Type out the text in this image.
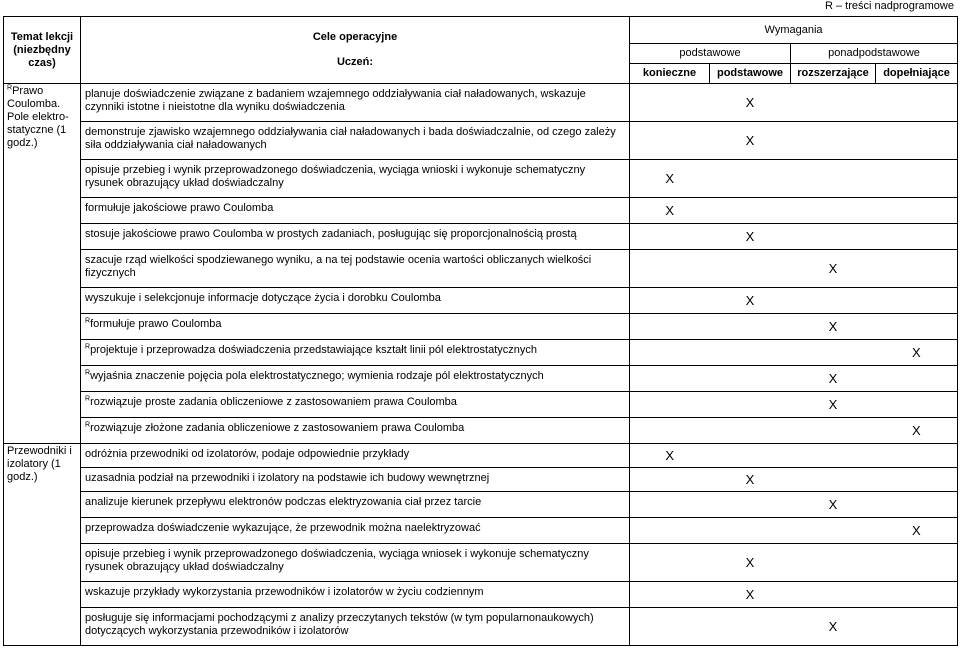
R – treści nadprogramowe
Temat lekcji (niezbędny czas)	Cele operacyjne
Uczeń:	Wymagania			
		podstawowe		ponadpodstawowe	
		konieczne	podstawowe	rozszerzające	dopełniające
$^R$Prawo Coulomba. Pole elektro-statyczne (1 godz.)	planuje doświadczenie związane z badaniem wzajemnego oddziaływania ciał naładowanych, wskazuje czynniki istotne i nieistotne dla wyniku doświadczenia		X		
	demonstruje zjawisko wzajemnego oddziaływania ciał naładowanych i bada doświadczalnie, od czego zależy siła oddziaływania ciał naładowanych		X		
	opisuje przebieg i wynik przeprowadzonego doświadczenia, wyciąga wnioski i wykonuje schematyczny rysunek obrazujący układ doświadczalny	X			
	formułuje jakościowe prawo Coulomba	X			
	stosuje jakościowe prawo Coulomba w prostych zadaniach, posługując się proporcjonalnością prostą		X		
	szacuje rząd wielkości spodziewanego wyniku, a na tej podstawie ocenia wartości obliczanych wielkości fizycznych			X	
	wyszukuje i selekcjonuje informacje dotyczące życia i dorobku Coulomba		X		
	$^R$formułuje prawo Coulomba			X	
	$^R$projektuje i przeprowadza doświadczenia przedstawiające kształt linii pól elektrostatycznych				X
	$^R$wyjaśnia znaczenie pojęcia pola elektrostatycznego; wymienia rodzaje pól elektrostatycznych			X	
	$^R$rozwiązuje proste zadania obliczeniowe z zastosowaniem prawa Coulomba			X	
	$^R$rozwiązuje złożone zadania obliczeniowe z zastosowaniem prawa Coulomba				X
Przewodniki i izolatory (1 godz.)	odróżnia przewodniki od izolatorów, podaje odpowiednie przykłady	X			
	uzasadnia podział na przewodniki i izolatory na podstawie ich budowy wewnętrznej		X		
	analizuje kierunek przepływu elektronów podczas elektryzowania ciał przez tarcie			X	
	przeprowadza doświadczenie wykazujące, że przewodnik można naelektryzować				X
	opisuje przebieg i wynik przeprowadzonego doświadczenia, wyciąga wniosek i wykonuje schematyczny rysunek obrazujący układ doświadczalny		X		
	wskazuje przykłady wykorzystania przewodników i izolatorów w życiu codziennym		X		
	posługuje się informacjami pochodzącymi z analizy przeczytanych tekstów (w tym popularnonaukowych) dotyczących wykorzystania przewodników i izolatorów			X	
